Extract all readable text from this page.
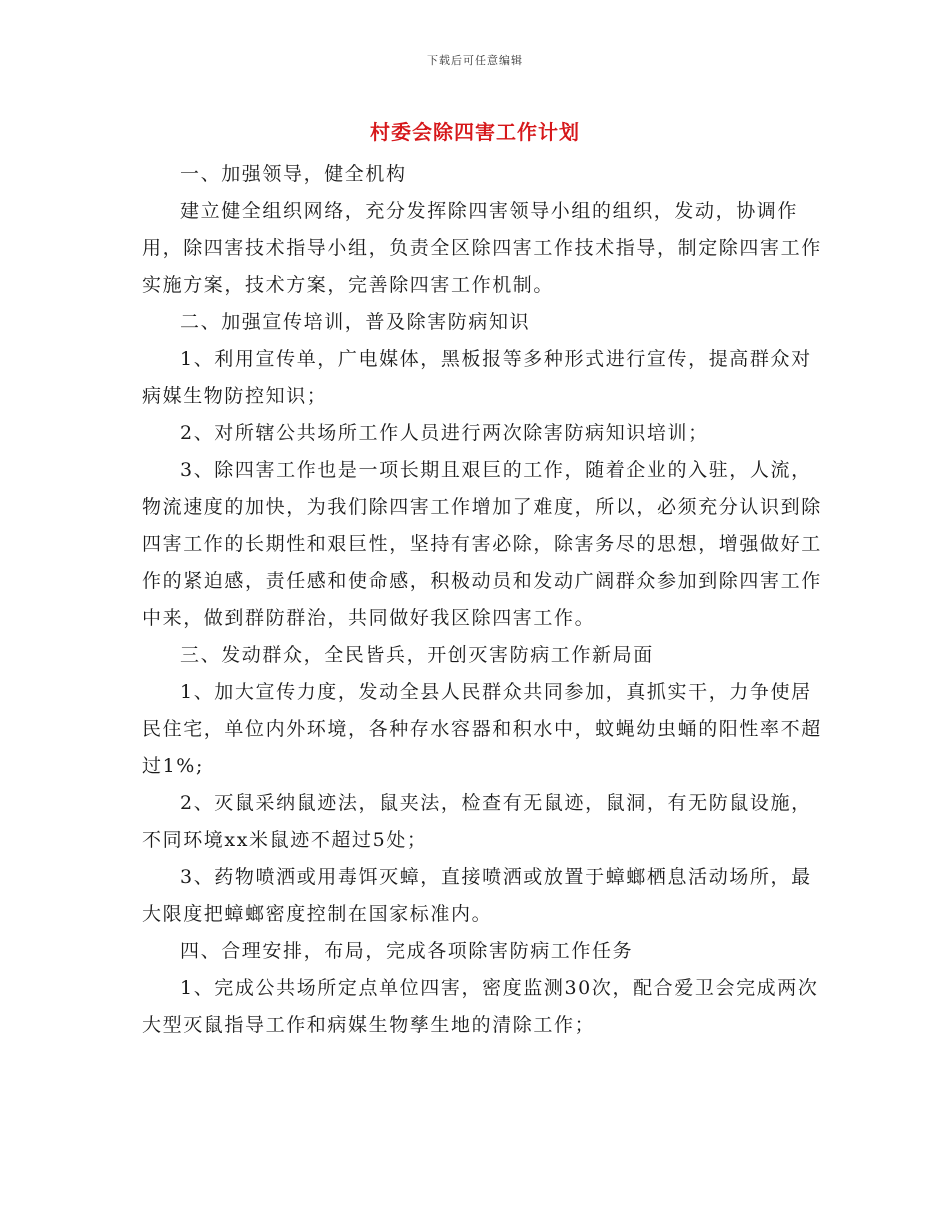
下载后可任意编辑
村委会除四害工作计划

一、加强领导，健全机构

建立健全组织网络，充分发挥除四害领导小组的组织，发动，协调作用，除四害技术指导小组，负责全区除四害工作技术指导，制定除四害工作实施方案，技术方案，完善除四害工作机制。

二、加强宣传培训，普及除害防病知识

1、利用宣传单，广电媒体，黑板报等多种形式进行宣传，提高群众对病媒生物防控知识；

2、对所辖公共场所工作人员进行两次除害防病知识培训；

3、除四害工作也是一项长期且艰巨的工作，随着企业的入驻，人流，物流速度的加快，为我们除四害工作增加了难度，所以，必须充分认识到除四害工作的长期性和艰巨性，坚持有害必除，除害务尽的思想，增强做好工作的紧迫感，责任感和使命感，积极动员和发动广阔群众参加到除四害工作中来，做到群防群治，共同做好我区除四害工作。

三、发动群众，全民皆兵，开创灭害防病工作新局面

1、加大宣传力度，发动全县人民群众共同参加，真抓实干，力争使居民住宅，单位内外环境，各种存水容器和积水中，蚊蝇幼虫蛹的阳性率不超过1%;

2、灭鼠采纳鼠迹法，鼠夹法，检查有无鼠迹，鼠洞，有无防鼠设施，不同环境xx米鼠迹不超过5处；

3、药物喷洒或用毒饵灭蟑，直接喷洒或放置于蟑螂栖息活动场所，最大限度把蟑螂密度控制在国家标准内。

四、合理安排，布局，完成各项除害防病工作任务

1、完成公共场所定点单位四害，密度监测30次，配合爱卫会完成两次大型灭鼠指导工作和病媒生物孳生地的清除工作；
